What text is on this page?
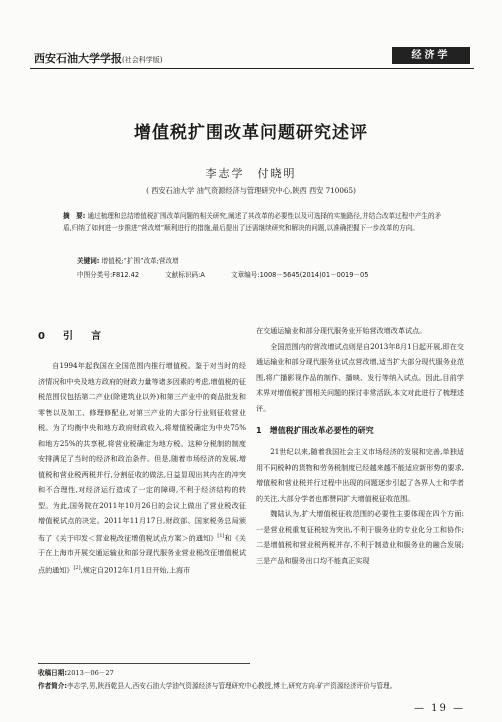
西安石油大学学报(社会科学版)	经济学
增值税扩围改革问题研究述评
李志学　付晓明
( 西安石油大学 油气资源经济与管理研究中心,陕西 西安 710065)
摘　要: 通过梳理和总结增值税扩围改革问题的相关研究,阐述了其改革的必要性以及可选择的实施路径,并结合改革过程中产生的矛盾,归纳了如何进一步推进“营改增”顺利进行的措施,最后提出了还需继续研究和解决的问题,以准确把握下一步改革的方向。
关键词: 增值税;“扩围”改革;营改增
中图分类号:F812.42	文献标识码:A	文章编号:1008－5645(2014)01－0019－05
0　引　言

自1994年起我国在全国范围内推行增值税。鉴于对当时的经济情况和中央及地方政府的财政力量等诸多因素的考虑,增值税的征税范围仅包括第二产业(除建筑业以外)和第三产业中的商品批发和零售以及加工、修理修配业,对第三产业的大部分行业则征收营业税。为了均衡中央和地方政府财政收入,将增值税确定为中央75%和地方25%的共享税,将营业税确定为地方税。这种分税制的制度安排满足了当时的经济和政治条件。但是,随着市场经济的发展,增值税和营业税两税并行,分割征收的做法,日益显现出其内在的冲突和不合理性,对经济运行造成了一定的障碍,不利于经济结构的转型。为此,国务院在2011年10月26日的会议上做出了营业税改征增值税试点的决定。2011年11月17日,财政部、国家税务总局颁布了《关于印发＜营业税改征增值税试点方案＞的通知》[1]和《关于在上海市开展交通运输业和部分现代服务业营业税改征增值税试点的通知》[2],规定自2012年1月1日开始,上海市

在交通运输业和部分现代服务业开始营改增改革试点。

全国范围内的营改增试点则是自2013年8月1日起开展,即在交通运输业和部分现代服务业试点营改增,适当扩大部分现代服务业范围,将广播影视作品的制作、播映、发行等纳入试点。因此,目前学术界对增值税扩围相关问题的探讨非常活跃,本文对此进行了梳理述评。

1　增值税扩围改革必要性的研究

21世纪以来,随着我国社会主义市场经济的发展和完善,单独适用不同税种的货物和劳务税制度已经越来越不能适应新形势的要求,增值税和营业税并行过程中出现的问题逐步引起了各界人士和学者的关注,大部分学者也都赞同扩大增值税征收范围。

魏陆认为,扩大增值税征收范围的必要性主要体现在四个方面:一是营业税重复征税较为突出,不利于服务业的专业化分工和协作;二是增值税和营业税两税并存,不利于制造业和服务业的融合发展;三是产品和服务出口均不能真正实现

收稿日期:2013－06－27
作者简介:李志学,男,陕西乾县人,西安石油大学油气资源经济与管理研究中心教授,博士,研究方向:矿产资源经济评价与管理。
— 19 —
